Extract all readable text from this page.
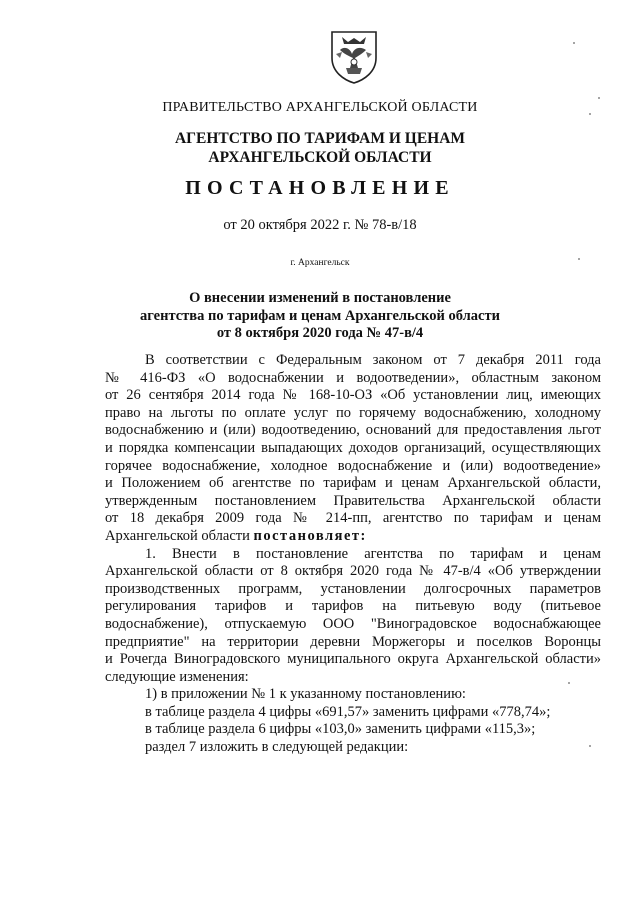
ПРАВИТЕЛЬСТВО АРХАНГЕЛЬСКОЙ ОБЛАСТИ
АГЕНТСТВО ПО ТАРИФАМ И ЦЕНАМ
АРХАНГЕЛЬСКОЙ ОБЛАСТИ
ПОСТАНОВЛЕНИЕ
от 20 октября 2022 г. № 78-в/18
г. Архангельск
О внесении изменений в постановление
агентства по тарифам и ценам Архангельской области
от 8 октября 2020 года № 47-в/4
В соответствии с Федеральным законом от 7 декабря 2011 года
№ 416-ФЗ «О водоснабжении и водоотведении», областным законом
от 26 сентября 2014 года № 168-10-ОЗ «Об установлении лиц, имеющих
право на льготы по оплате услуг по горячему водоснабжению, холодному
водоснабжению и (или) водоотведению, оснований для предоставления льгот
и порядка компенсации выпадающих доходов организаций, осуществляющих
горячее водоснабжение, холодное водоснабжение и (или) водоотведение»
и Положением об агентстве по тарифам и ценам Архангельской области,
утвержденным постановлением Правительства Архангельской области
от 18 декабря 2009 года № 214-пп, агентство по тарифам и ценам
Архангельской области постановляет:
1. Внести в постановление агентства по тарифам и ценам
Архангельской области от 8 октября 2020 года № 47-в/4 «Об утверждении
производственных программ, установлении долгосрочных параметров
регулирования тарифов и тарифов на питьевую воду (питьевое
водоснабжение), отпускаемую ООО "Виноградовское водоснабжающее
предприятие" на территории деревни Моржегоры и поселков Воронцы
и Рочегда Виноградовского муниципального округа Архангельской области»
следующие изменения:
1) в приложении № 1 к указанному постановлению:
в таблице раздела 4 цифры «691,57» заменить цифрами «778,74»;
в таблице раздела 6 цифры «103,0» заменить цифрами «115,3»;
раздел 7 изложить в следующей редакции:
